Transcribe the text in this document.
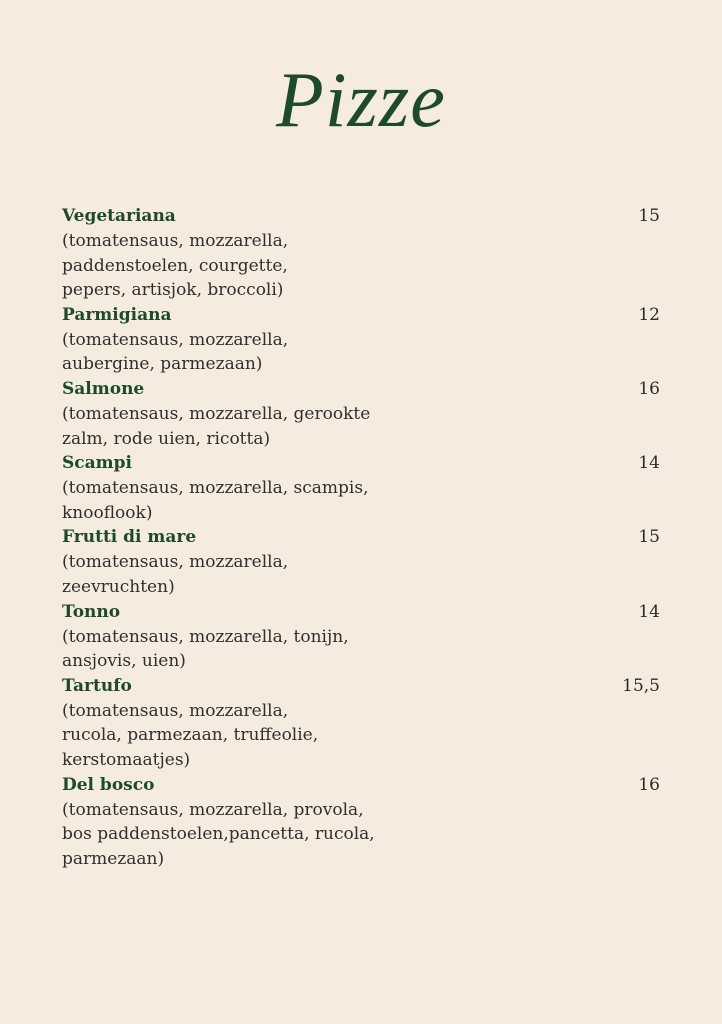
Pizze
Vegetariana	15

(tomatensaus, mozzarella,
paddenstoelen, courgette,
pepers, artisjok, broccoli)

Parmigiana	12

(tomatensaus, mozzarella,
aubergine, parmezaan)

Salmone	16

(tomatensaus, mozzarella, gerookte
zalm, rode uien, ricotta)

Scampi	14

(tomatensaus, mozzarella, scampis,
knooflook)

Frutti di mare	15

(tomatensaus, mozzarella,
zeevruchten)

Tonno	14

(tomatensaus, mozzarella, tonijn,
ansjovis, uien)

Tartufo	15,5

(tomatensaus, mozzarella,
rucola, parmezaan, truffeolie,
kerstomaatjes)

Del bosco	16

(tomatensaus, mozzarella, provola,
bos paddenstoelen,pancetta, rucola,
parmezaan)
